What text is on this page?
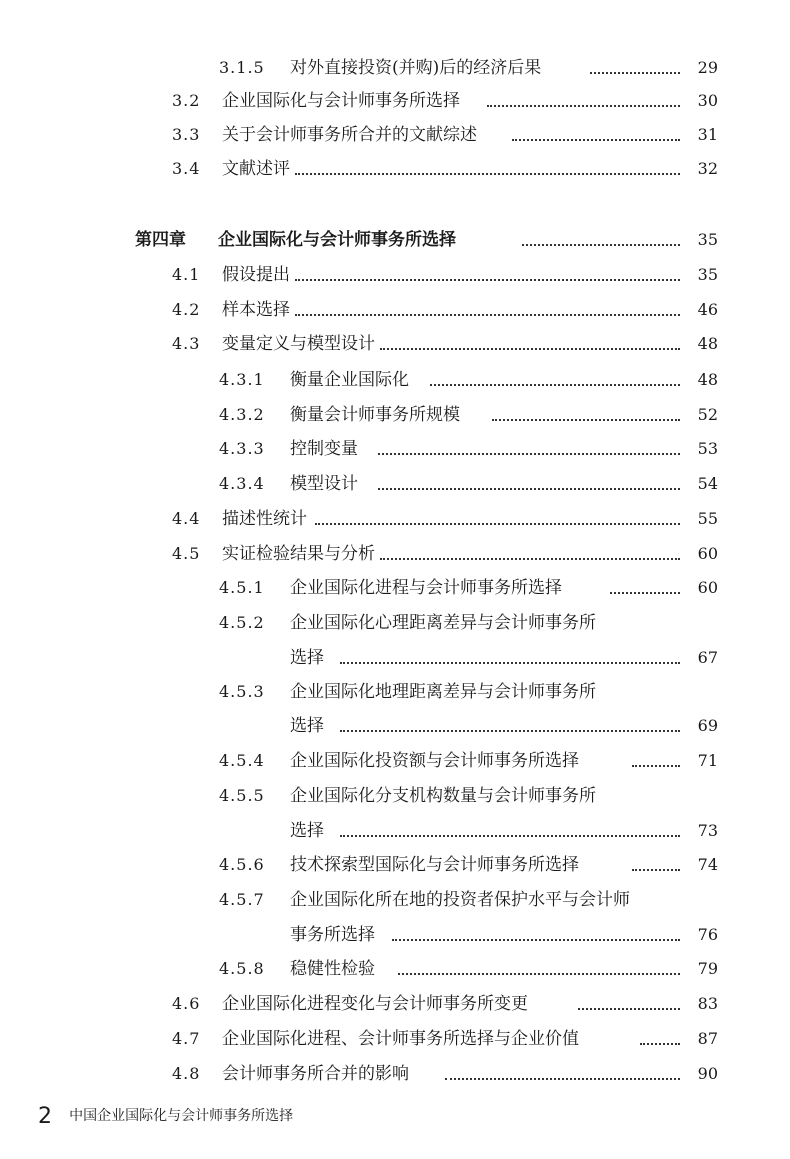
3.1.5 对外直接投资(并购)后的经济后果	29
3.2 企业国际化与会计师事务所选择	30
3.3 关于会计师事务所合并的文献综述	31
3.4 文献述评	32
第四章 企业国际化与会计师事务所选择	35
4.1 假设提出	35
4.2 样本选择	46
4.3 变量定义与模型设计	48
4.3.1 衡量企业国际化	48
4.3.2 衡量会计师事务所规模	52
4.3.3 控制变量	53
4.3.4 模型设计	54
4.4 描述性统计	55
4.5 实证检验结果与分析	60
4.5.1 企业国际化进程与会计师事务所选择	60
4.5.2 企业国际化心理距离差异与会计师事务所
选择	67
4.5.3 企业国际化地理距离差异与会计师事务所
选择	69
4.5.4 企业国际化投资额与会计师事务所选择	71
4.5.5 企业国际化分支机构数量与会计师事务所
选择	73
4.5.6 技术探索型国际化与会计师事务所选择	74
4.5.7 企业国际化所在地的投资者保护水平与会计师
事务所选择	76
4.5.8 稳健性检验	79
4.6 企业国际化进程变化与会计师事务所变更	83
4.7 企业国际化进程、会计师事务所选择与企业价值	87
4.8 会计师事务所合并的影响	90
2 中国企业国际化与会计师事务所选择
